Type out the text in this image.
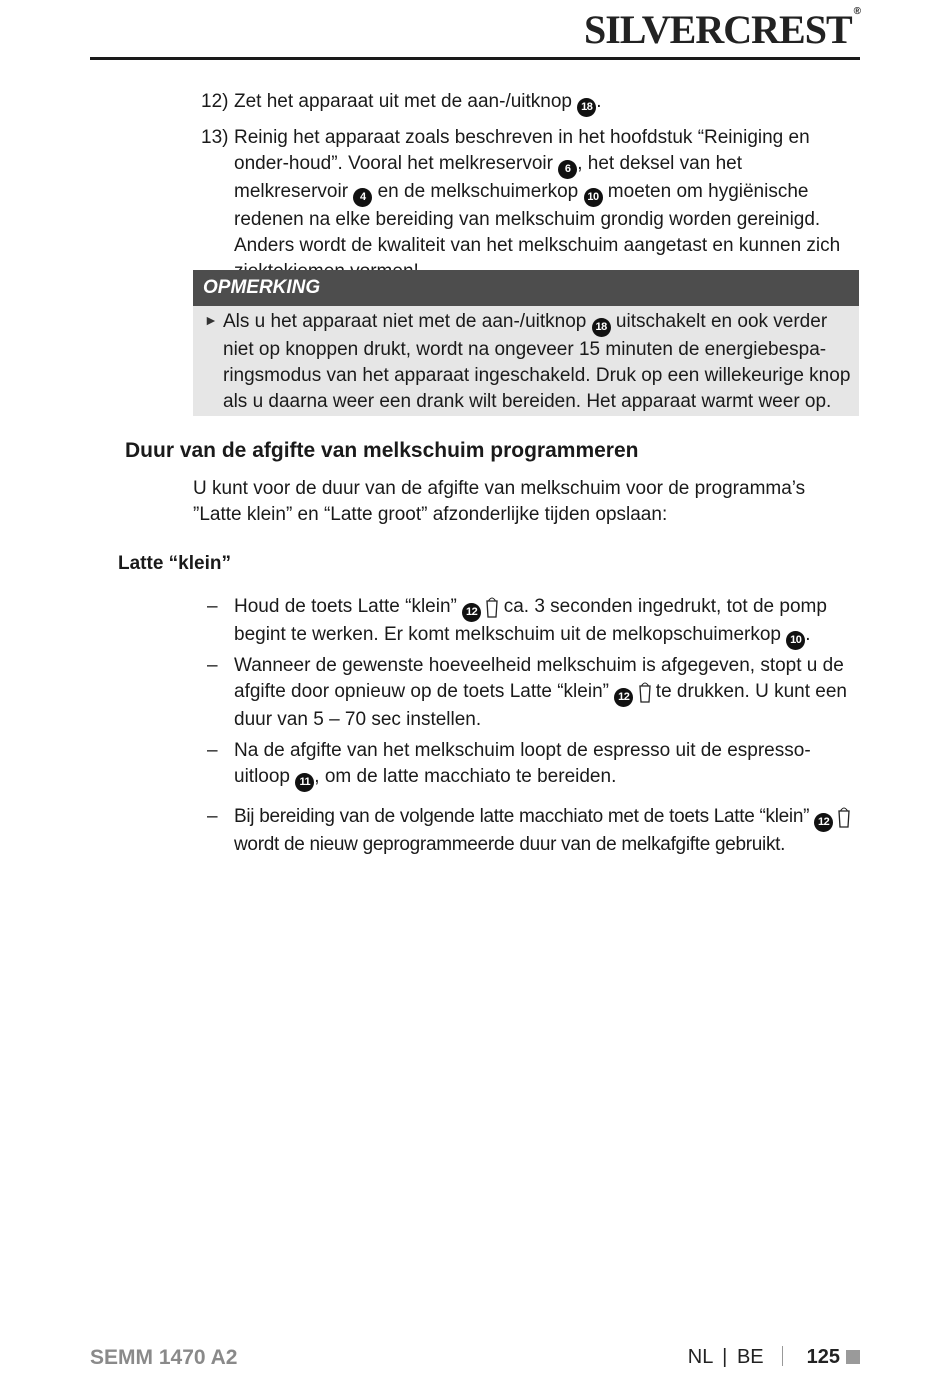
SILVERCREST ®
12) Zet het apparaat uit met de aan-/uitknop 18 .
13) Reinig het apparaat zoals beschreven in het hoofdstuk “Reiniging en onder-houd”. Vooral het melkreservoir 6 , het deksel van het melkreservoir 4 en de melkschuimerkop 10 moeten om hygiënische redenen na elke bereiding van melkschuim grondig worden gereinigd. Anders wordt de kwaliteit van het melkschuim aangetast en kunnen zich
OPMERKING
► Als u het apparaat niet met de aan-/uitknop 18 uitschakelt en ook verder niet op knoppen drukt, wordt na ongeveer 15 minuten de energiebespa-ringsmodus van het apparaat ingeschakeld. Druk op een willekeurige knop als u daarna weer een drank wilt bereiden. Het apparaat warmt weer op.
Duur van de afgifte van melkschuim programmeren
U kunt voor de duur van de afgifte van melkschuim voor de programma’s ”Latte klein” en “Latte groot” afzonderlijke tijden opslaan:
Latte “klein”
– Houd de toets Latte “klein” 12  ca. 3 seconden ingedrukt, tot de pomp begint te werken. Er komt melkschuim uit de melkopschuimerkop 10 .
– Wanneer de gewenste hoeveelheid melkschuim is afgegeven, stopt u de afgifte door opnieuw op de toets Latte “klein” 12  te drukken. U kunt een duur van 5 – 70 sec instellen.
– Na de afgifte van het melkschuim loopt de espresso uit de espresso-uitloop 11 , om de latte macchiato te bereiden.
– Bij bereiding van de volgende latte macchiato met de toets Latte “klein” 12  wordt de nieuw geprogrammeerde duur van de melkafgifte gebruikt.
SEMM 1470 A2	NL | BE 125
